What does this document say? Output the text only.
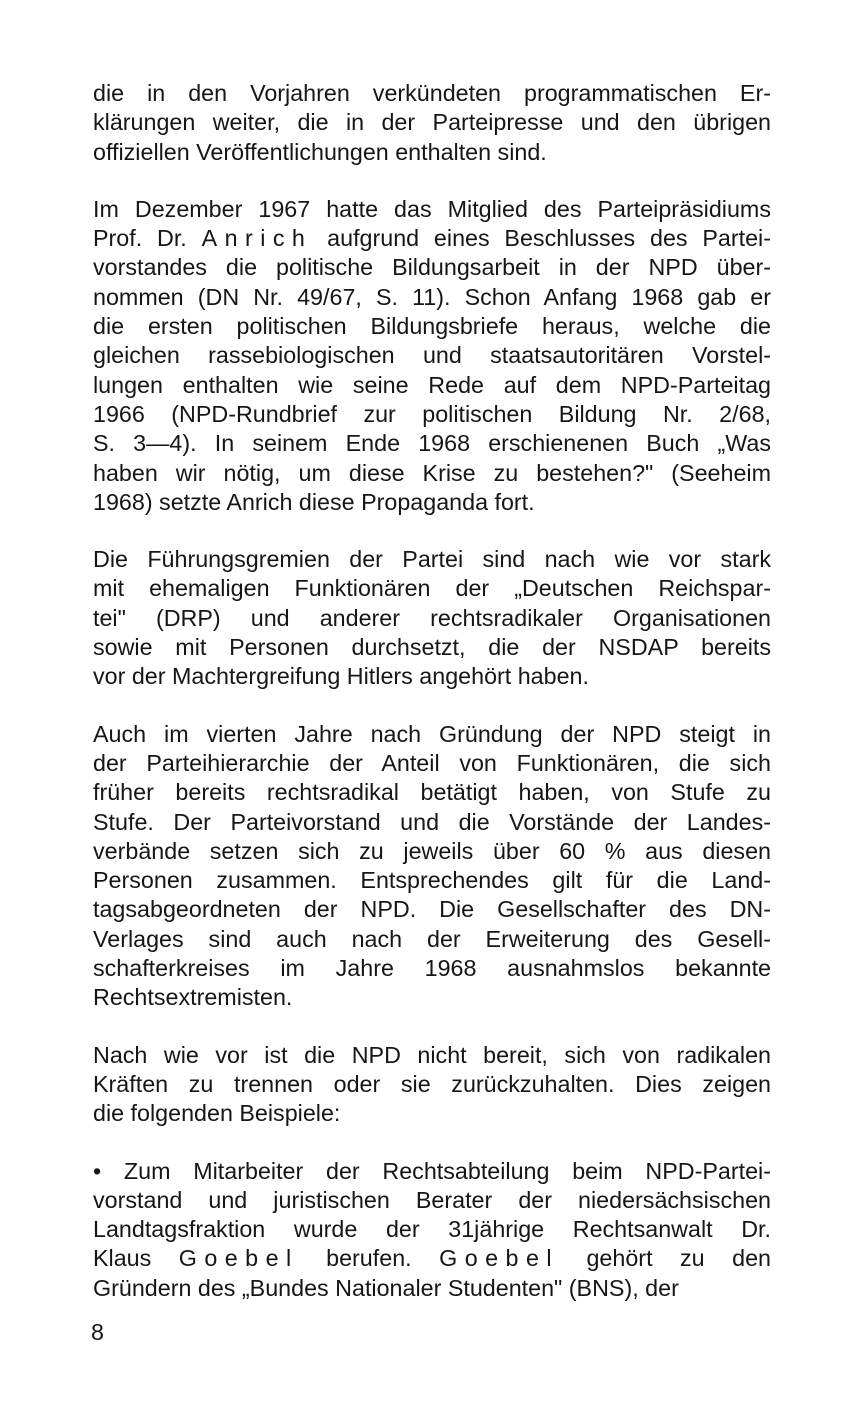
die in den Vorjahren verkündeten programmatischen Er-
klärungen weiter, die in der Parteipresse und den übrigen
offiziellen Veröffentlichungen enthalten sind.
Im Dezember 1967 hatte das Mitglied des Parteipräsidiums
Prof. Dr. Anrich aufgrund eines Beschlusses des Partei-
vorstandes die politische Bildungsarbeit in der NPD über-
nommen (DN Nr. 49/67, S. 11). Schon Anfang 1968 gab er
die ersten politischen Bildungsbriefe heraus, welche die
gleichen rassebiologischen und staatsautoritären Vorstel-
lungen enthalten wie seine Rede auf dem NPD-Parteitag
1966 (NPD-Rundbrief zur politischen Bildung Nr. 2/68,
S. 3—4). In seinem Ende 1968 erschienenen Buch „Was
haben wir nötig, um diese Krise zu bestehen?" (Seeheim
1968) setzte Anrich diese Propaganda fort.
Die Führungsgremien der Partei sind nach wie vor stark
mit ehemaligen Funktionären der „Deutschen Reichspar-
tei" (DRP) und anderer rechtsradikaler Organisationen
sowie mit Personen durchsetzt, die der NSDAP bereits
vor der Machtergreifung Hitlers angehört haben.
Auch im vierten Jahre nach Gründung der NPD steigt in
der Parteihierarchie der Anteil von Funktionären, die sich
früher bereits rechtsradikal betätigt haben, von Stufe zu
Stufe. Der Parteivorstand und die Vorstände der Landes-
verbände setzen sich zu jeweils über 60 % aus diesen
Personen zusammen. Entsprechendes gilt für die Land-
tagsabgeordneten der NPD. Die Gesellschafter des DN-
Verlages sind auch nach der Erweiterung des Gesell-
schafterkreises im Jahre 1968 ausnahmslos bekannte
Rechtsextremisten.
Nach wie vor ist die NPD nicht bereit, sich von radikalen
Kräften zu trennen oder sie zurückzuhalten. Dies zeigen
die folgenden Beispiele:
• Zum Mitarbeiter der Rechtsabteilung beim NPD-Partei-
vorstand und juristischen Berater der niedersächsischen
Landtagsfraktion wurde der 31jährige Rechtsanwalt Dr.
Klaus Goebel berufen. Goebel gehört zu den
Gründern des „Bundes Nationaler Studenten" (BNS), der
8
